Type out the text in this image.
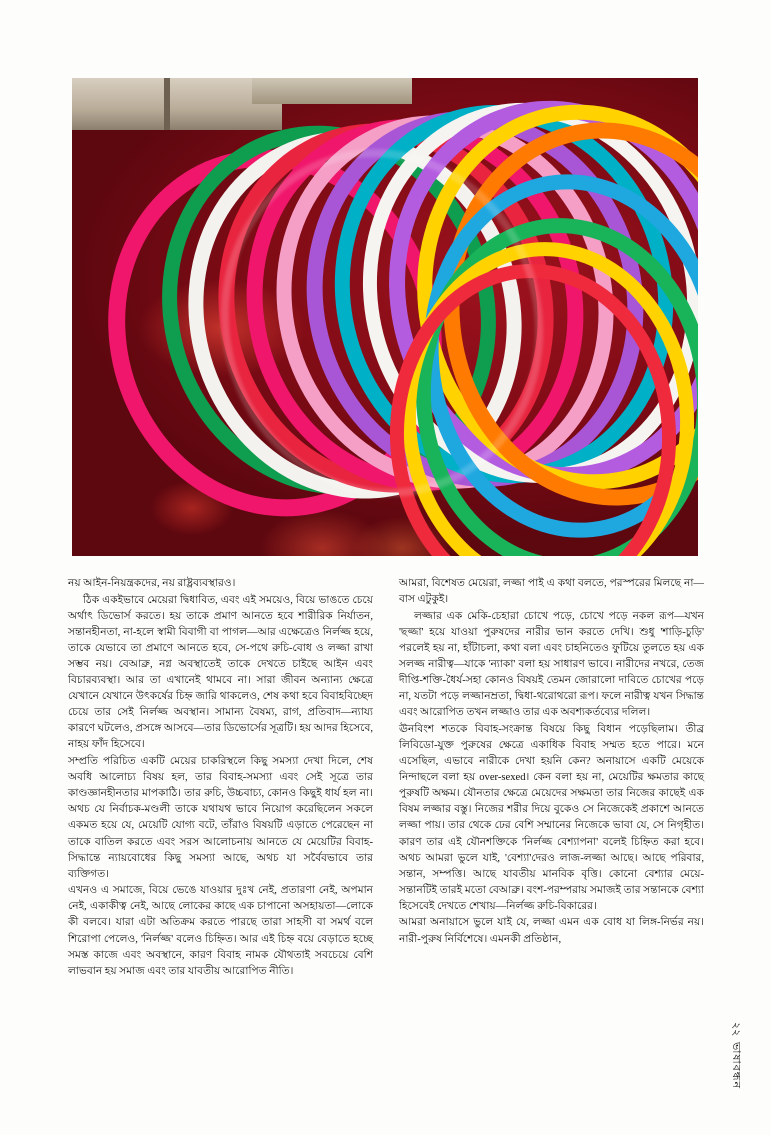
নয় আইন-নিয়ন্ত্রকদের, নয় রাষ্ট্রব্যবস্থারও।

ঠিক একইভাবে মেয়েরা দ্বিধাবিত, এবং এই সময়েও, বিয়ে ভাঙতে চেয়ে অর্থাৎ ডিভোর্স করতে। হয় তাকে প্রমাণ আনতে হবে শারীরিক নির্যাতন, সন্তানহীনতা, না-হলে স্বামী বিবাগী বা পাগল—আর এক্ষেত্রেও নির্লজ্জ হয়ে, তাকে যেভাবে তা প্রমাণে আনতে হবে, সে-পথে রুচি-বোধ ও লজ্জা রাখা সম্ভব নয়। বেআব্রু, নগ্ন অবস্থাতেই তাকে দেখতে চাইছে আইন এবং বিচারব্যবস্থা। আর তা এখানেই থামবে না। সারা জীবন অন্যান্য ক্ষেত্রে যেখানে যেখানে উৎকর্ষের চিহ্ন জারি থাকলেও, শেষ কথা হবে বিবাহবিচ্ছেদ চেয়ে তার সেই নির্লজ্জ অবস্থান। সামান্য বৈষম্য, রাগ, প্রতিবাদ—ন্যায্য কারণে ঘটলেও, প্রসঙ্গে আসবে—তার ডিভোর্সের সূত্রটি। হয় আদর হিসেবে, নাহয় ফাঁদ হিসেবে।

সম্প্রতি পরিচিত একটি মেয়ের চাকরিস্থলে কিছু সমস্যা দেখা দিলে, শেষ অবধি আলোচ্য বিষয় হল, তার বিবাহ-সমস্যা এবং সেই সূত্রে তার কাণ্ডজ্ঞানহীনতার মাপকাঠি। তার রুচি, উচ্চবাচ্য, কোনও কিছুই ধার্য হল না। অথচ যে নির্বাচক-মণ্ডলী তাকে যথাযথ ভাবে নিয়োগ করেছিলেন সকলে একমত হয়ে যে, মেয়েটি যোগ্য বটে, তাঁরাও বিষয়টি এড়াতে পেরেছেন না তাকে বাতিল করতে এবং সরস আলোচনায় আনতে যে মেয়েটির বিবাহ-সিদ্ধান্তে ন্যায়বোধের কিছু সমস্যা আছে, অথচ যা সর্বৈবভাবে তার ব্যক্তিগত।

এখনও এ সমাজে, বিয়ে ভেঙে যাওয়ার দুঃখ নেই, প্রতারণা নেই, অপমান নেই, একাকীত্ব নেই, আছে লোকের কাছে এক চাপানো অসহায়তা—লোকে কী বলবে। যারা এটা অতিক্রম করতে পারছে তারা সাহসী বা সমর্থ বলে শিরোপা পেলেও, 'নির্লজ্জ' বলেও চিহ্নিত। আর এই চিহ্ন বয়ে বেড়াতে হচ্ছে সমস্ত কাজে এবং অবস্থানে, কারণ বিবাহ নামক যৌথতাই সবচেয়ে বেশি লাভবান হয় সমাজ এবং তার যাবতীয় আরোপিত নীতি।

আমরা, বিশেষত মেয়েরা, লজ্জা পাই এ কথা বলতে, পরস্পরের মিলছে না—বাস এটুকুই।

লজ্জার এক মেকি-চেহারা চোখে পড়ে, চোখে পড়ে নকল রূপ—যখন 'ছজ্জা' হয়ে যাওয়া পুরুষদের নারীর ভান করতে দেখি। শুধু 'শাড়ি-চুড়ি' পরলেই হয় না, হাঁটাচলা, কথা বলা এবং চাহনিতেও ফুটিয়ে তুলতে হয় এক সলজ্জ নারীত্ব—যাকে 'ন্যাকা' বলা হয় সাধারণ ভাবে। নারীদের নখরে, তেজ দীপ্তি-শক্তি-ধৈর্য-সহা কোনও বিষয়ই তেমন জোরালো দাবিতে চোখের পড়ে না, যতটা পড়ে লজ্জানম্রতা, দ্বিধা-থরোথরো রূপ। ফলে নারীত্ব যখন সিদ্ধান্ত এবং আরোপিত তখন লজ্জাও তার এক অবশ্যকর্তব্যের দলিল।

ঊনবিংশ শতকে বিবাহ-সংক্রান্ত বিষয়ে কিছু বিধান পড়েছিলাম। তীব্র লিবিডো-যুক্ত পুরুষের ক্ষেত্রে একাধিক বিবাহ সম্মত হতে পারে। মনে এসেছিল, এভাবে নারীকে দেখা হয়নি কেন? অনায়াসে একটি মেয়েকে নিন্দাছলে বলা হয় over-sexed। কেন বলা হয় না, মেয়েটির ক্ষমতার কাছে পুরুষটি অক্ষম। যৌনতার ক্ষেত্রে মেয়েদের সক্ষমতা তার নিজের কাছেই এক বিষম লজ্জার বস্তু। নিজের শরীর দিয়ে বুকেও সে নিজেকেই প্রকাশে আনতে লজ্জা পায়। তার থেকে ঢের বেশি সম্মানের নিজেকে ভাবা যে, সে নিগৃহীত। কারণ তার এই যৌনশক্তিকে 'নির্লজ্জ বেশ্যাপনা' বলেই চিহ্নিত করা হবে। অথচ আমরা ভুলে যাই, 'বেশ্যা'দেরও লাজ-লজ্জা আছে। আছে পরিবার, সন্তান, সম্পত্তি। আছে যাবতীয় মানবিক বৃত্তি। কোনো বেশ্যার মেয়ে-সন্তানটিই তারই মতো বেআব্রু। বংশ-পরম্পরায় সমাজই তার সন্তানকে বেশ্যা হিসেবেই দেখতে শেখায়—নির্লজ্জ রুচি-বিকারের।

আমরা অনায়াসে ভুলে যাই যে, লজ্জা এমন এক বোধ যা লিঙ্গ-নির্ভর নয়। নারী-পুরুষ নির্বিশেষে। এমনকী প্রতিষ্ঠান,

২২
ভাষাবন্ধন
